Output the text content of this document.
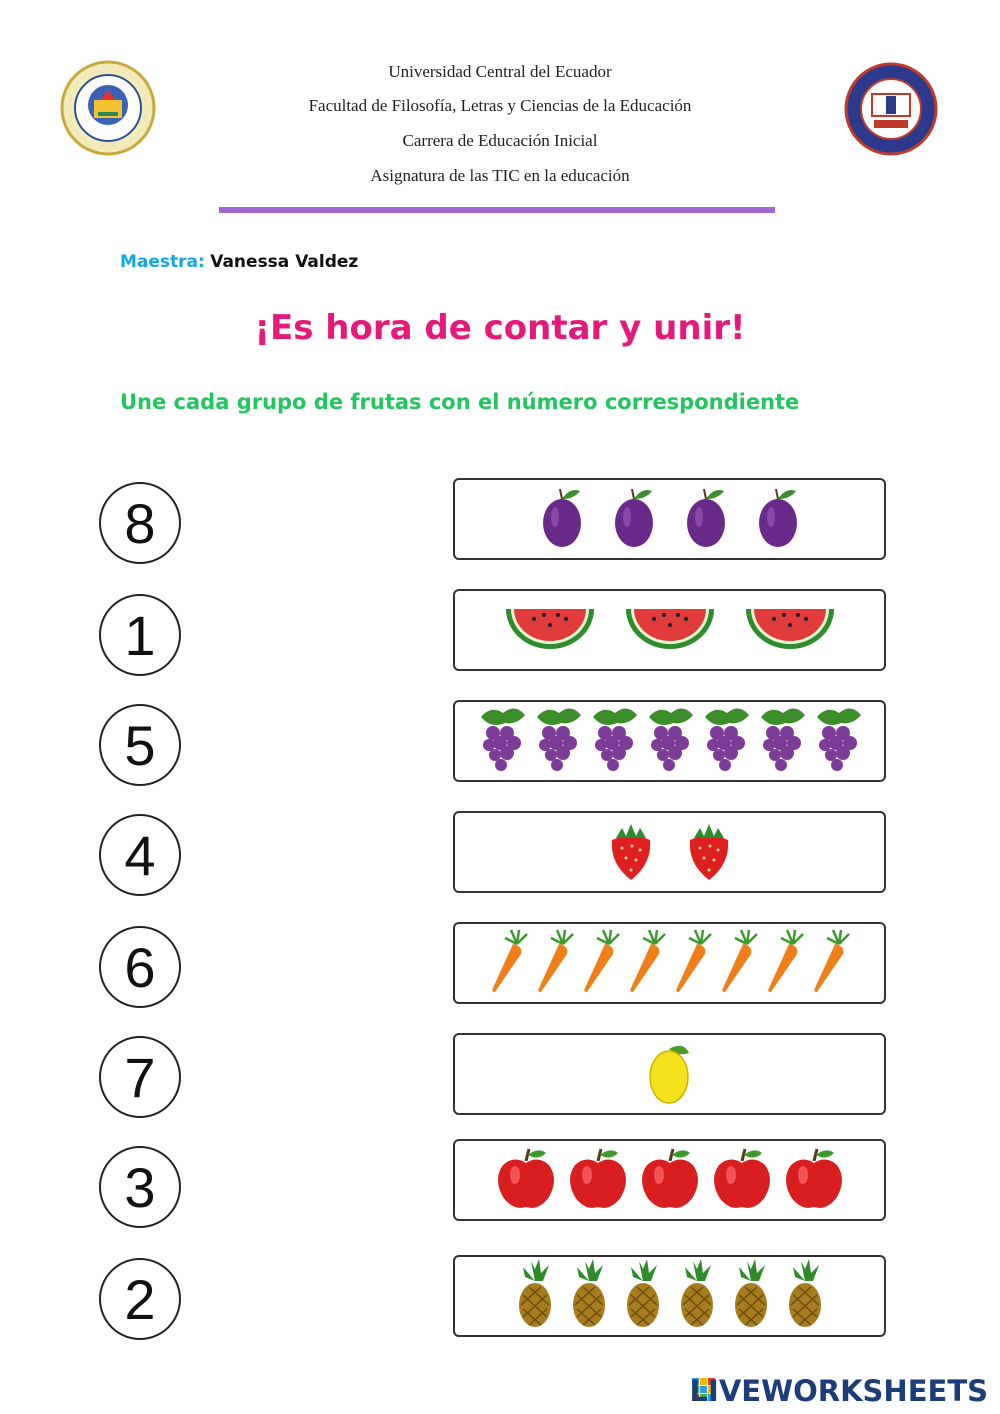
Universidad Central del Ecuador
Facultad de Filosofía, Letras y Ciencias de la Educación
Carrera de Educación Inicial
Asignatura de las TIC en la educación
Maestra: Vanessa Valdez
¡Es hora de contar y unir!
Une cada grupo de frutas con el número correspondiente
8
1
5
4
6
7
3
2
LIVEWORKSHEETS
